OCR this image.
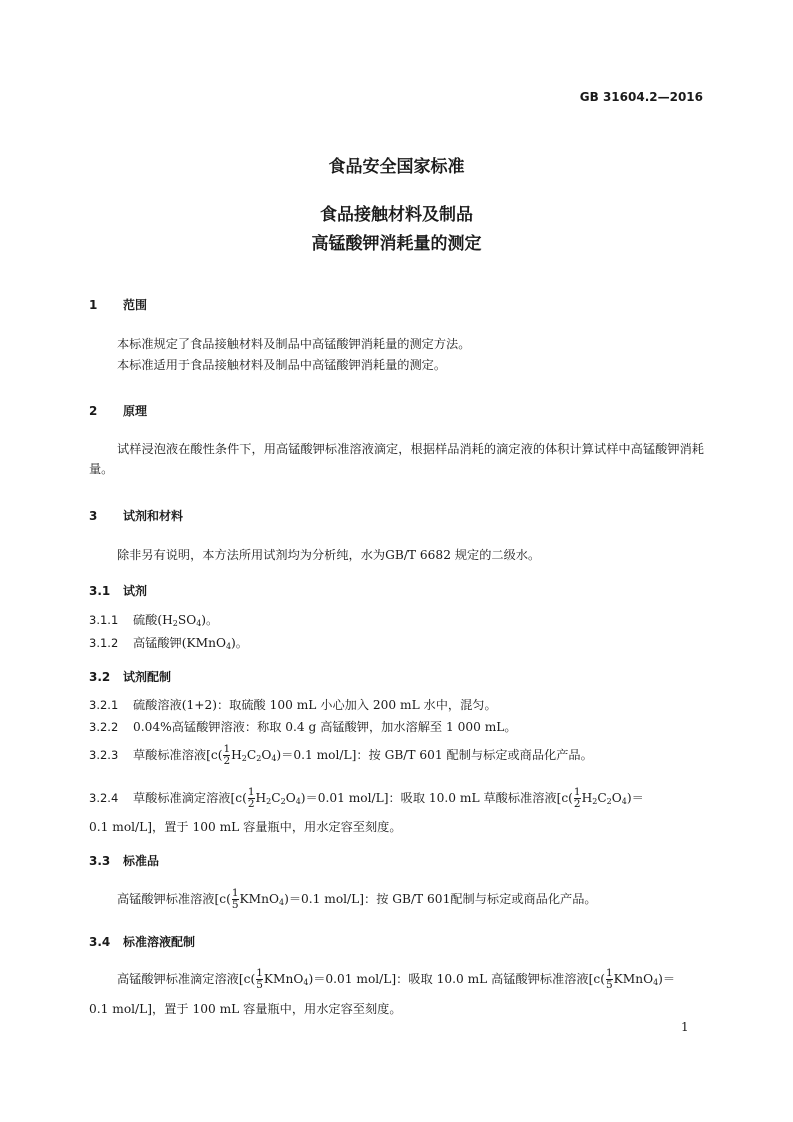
GB 31604.2—2016
食品安全国家标准
食品接触材料及制品
高锰酸钾消耗量的测定
1 范围
本标准规定了食品接触材料及制品中高锰酸钾消耗量的测定方法。
本标准适用于食品接触材料及制品中高锰酸钾消耗量的测定。
2 原理
试样浸泡液在酸性条件下，用高锰酸钾标准溶液滴定，根据样品消耗的滴定液的体积计算试样中高锰酸钾消耗量。
3 试剂和材料
除非另有说明，本方法所用试剂均为分析纯，水为GB/T 6682 规定的二级水。
3.1 试剂
3.1.1 硫酸$(H_2SO_4)$。
3.1.2 高锰酸钾(KMnO$_4$)。
3.2 试剂配制
3.2.1 硫酸溶液(1+2)：取硫酸 100 mL 小心加入 200 mL 水中，混匀。
3.2.2 0.04%高锰酸钾溶液：称取 0.4 g 高锰酸钾，加水溶解至 1 000 mL。
3.2.3 草酸标准溶液[$c( \frac{1}{2} H_2C_2O_4)=0.1$ mol/L]：按 GB/T 601 配制与标定或商品化产品。
3.2.4 草酸标准滴定溶液[$c( \frac{1}{2} H_2C_2O_4)=0.01$ mol/L]：吸取 10.0 mL 草酸标准溶液[$c( \frac{1}{2} H_2C_2O_4)=$
0.1 mol/L]，置于 100 mL 容量瓶中，用水定容至刻度。
3.3 标准品
高锰酸钾标准溶液[$c( \frac{1}{5}$ KMnO$_4$)＝0.1 mol/L]：按 GB/T 601配制与标定或商品化产品。
3.4 标准溶液配制
高锰酸钾标准滴定溶液[$c( \frac{1}{5}$ KMnO$_4$)＝0.01 mol/L]：吸取 10.0 mL 高锰酸钾标准溶液[$c( \frac{1}{5}$ KMnO$_4$)＝
0.1 mol/L]，置于 100 mL 容量瓶中，用水定容至刻度。
1
